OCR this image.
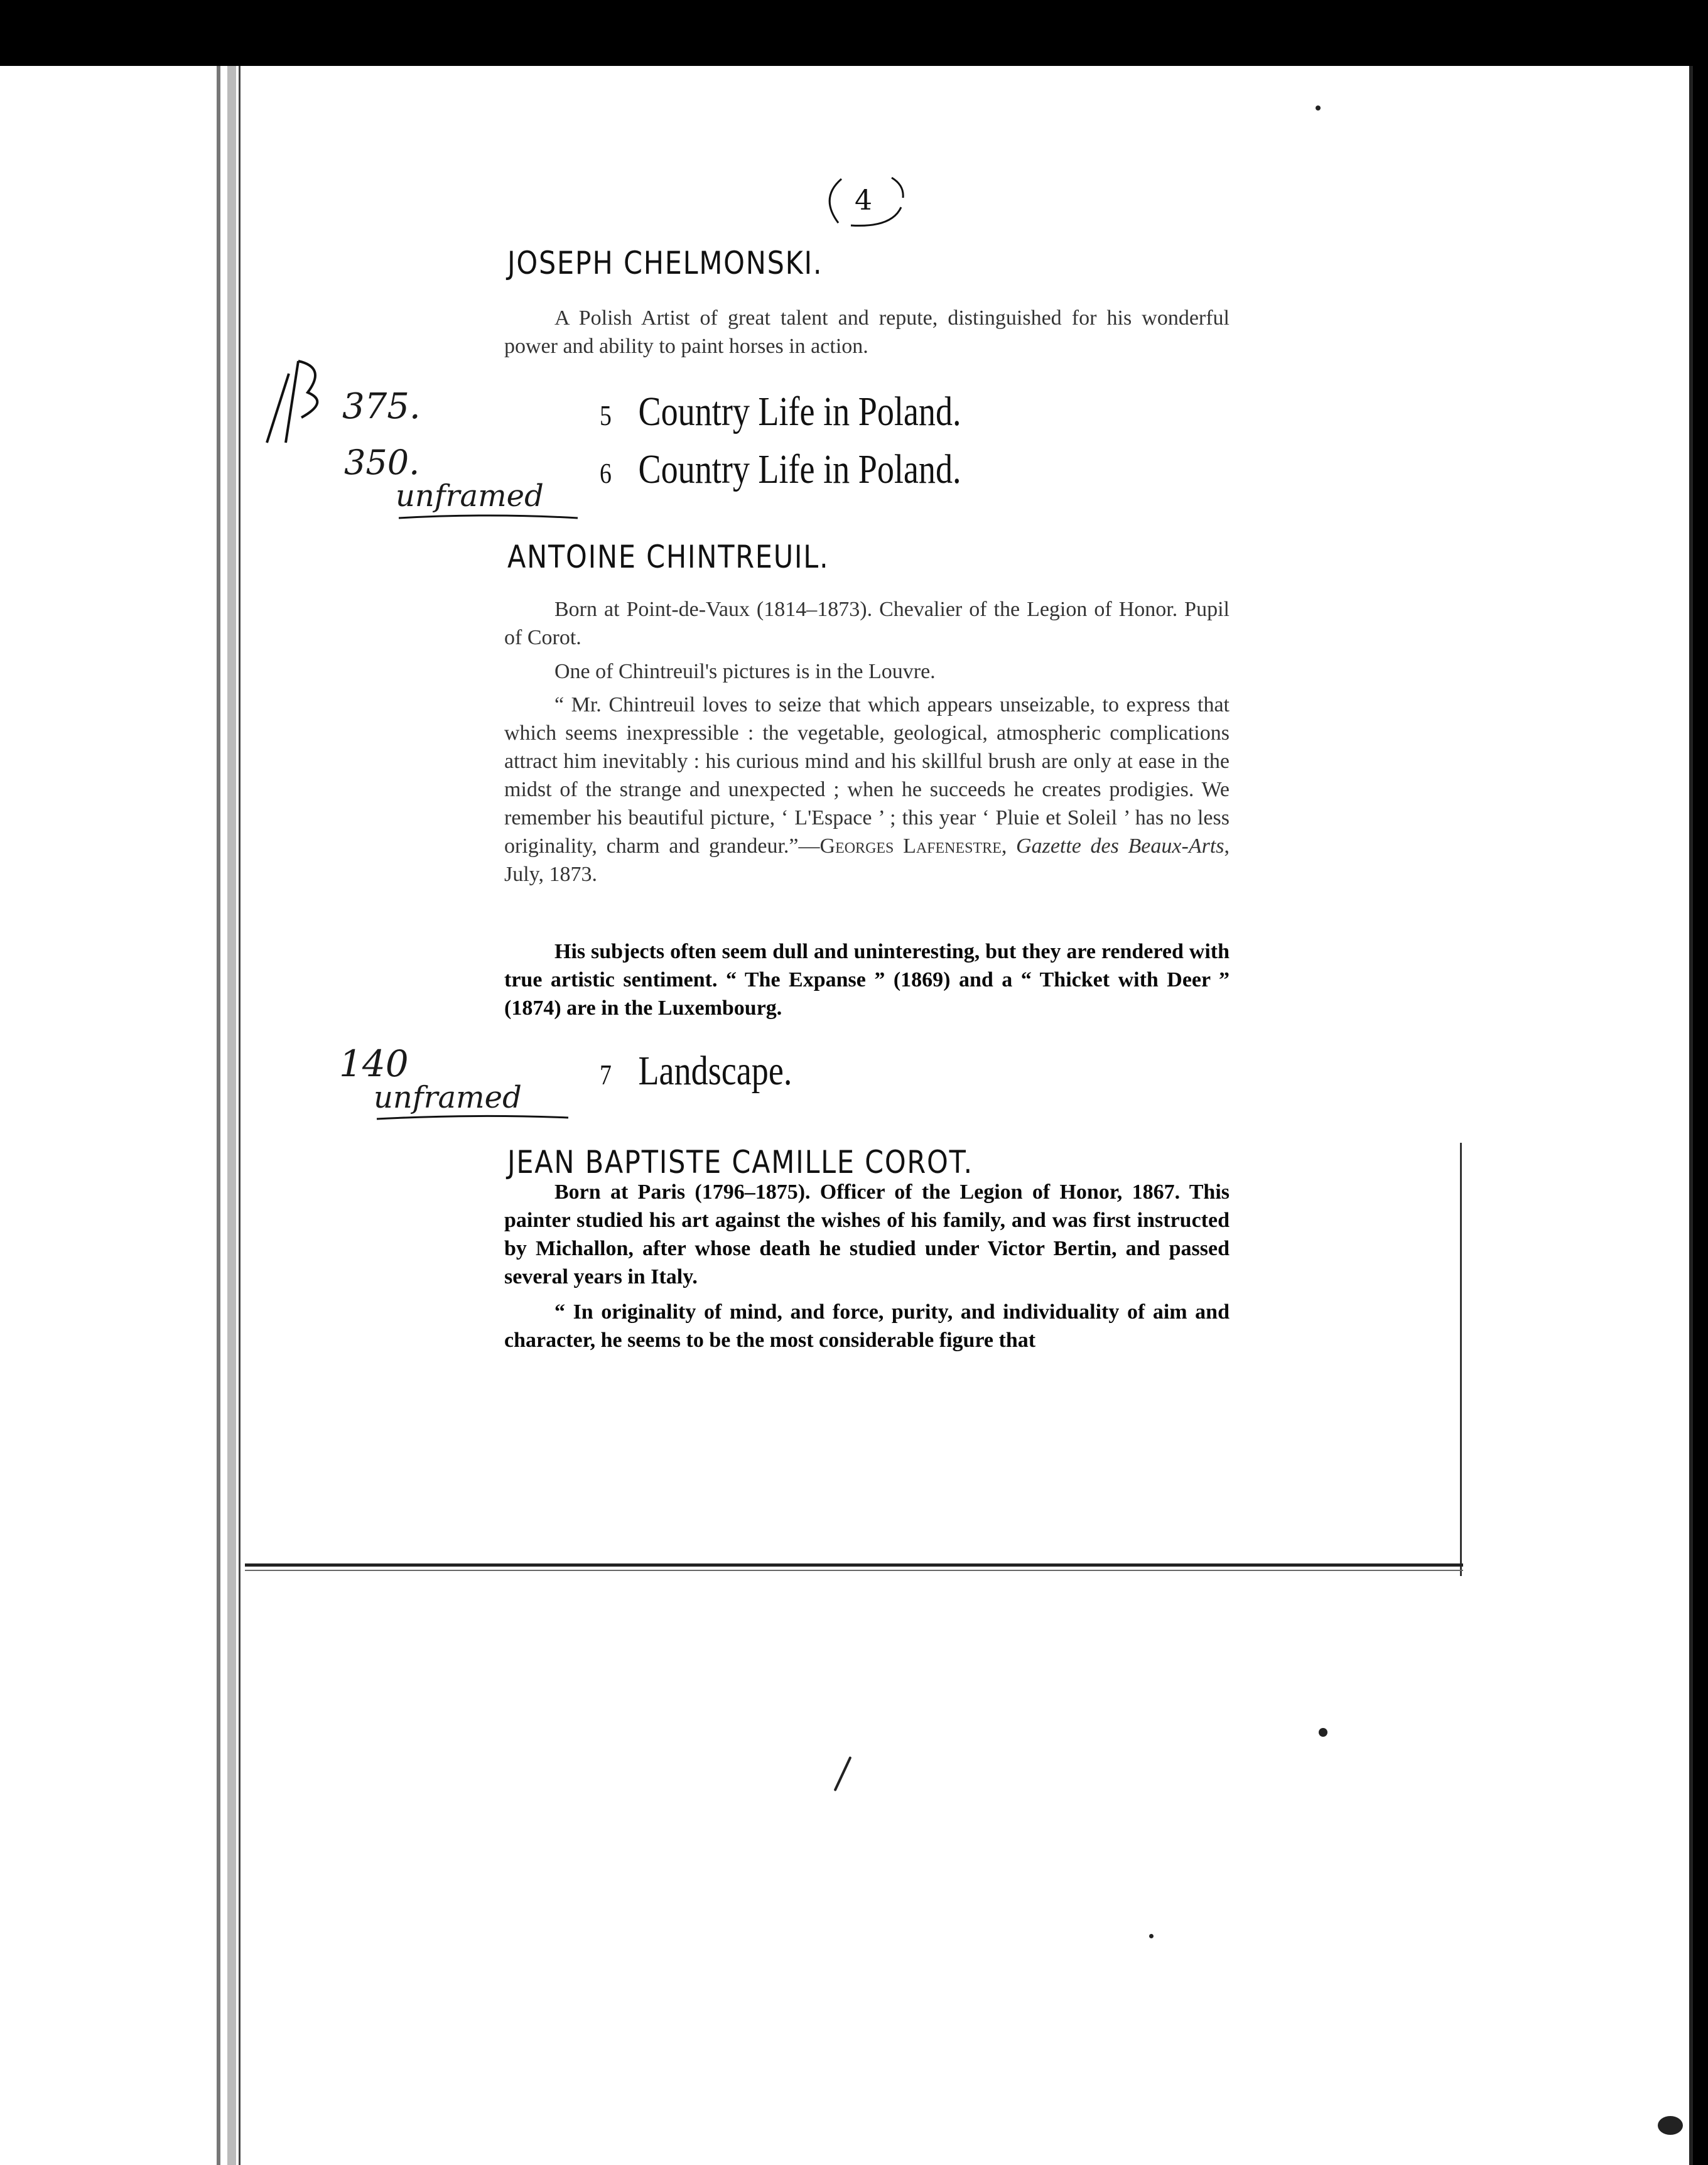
4
JOSEPH CHELMONSKI.

A Polish Artist of great talent and repute, distinguished for his wonderful power and ability to paint horses in action.

5 Country Life in Poland.
6 Country Life in Poland.
375.
350.
unframed
ANTOINE CHINTREUIL.

Born at Point-de-Vaux (1814–1873). Chevalier of the Legion of Honor. Pupil of Corot.

One of Chintreuil's pictures is in the Louvre.

“ Mr. Chintreuil loves to seize that which appears unseizable, to express that which seems inexpressible : the vegetable, geological, atmospheric complications attract him inevitably : his curious mind and his skillful brush are only at ease in the midst of the strange and unexpected ; when he succeeds he creates prodigies. We remember his beautiful picture, ‘ L'Espace ’ ; this year ‘ Pluie et Soleil ’ has no less originality, charm and grandeur.”—Georges Lafenestre, Gazette des Beaux-Arts, July, 1873.

His subjects often seem dull and uninteresting, but they are rendered with true artistic sentiment. “ The Expanse ” (1869) and a “ Thicket with Deer ” (1874) are in the Luxembourg.

7 Landscape.
140
unframed
JEAN BAPTISTE CAMILLE COROT.

Born at Paris (1796–1875). Officer of the Legion of Honor, 1867. This painter studied his art against the wishes of his family, and was first instructed by Michallon, after whose death he studied under Victor Bertin, and passed several years in Italy.

“ In originality of mind, and force, purity, and individuality of aim and character, he seems to be the most considerable figure that
